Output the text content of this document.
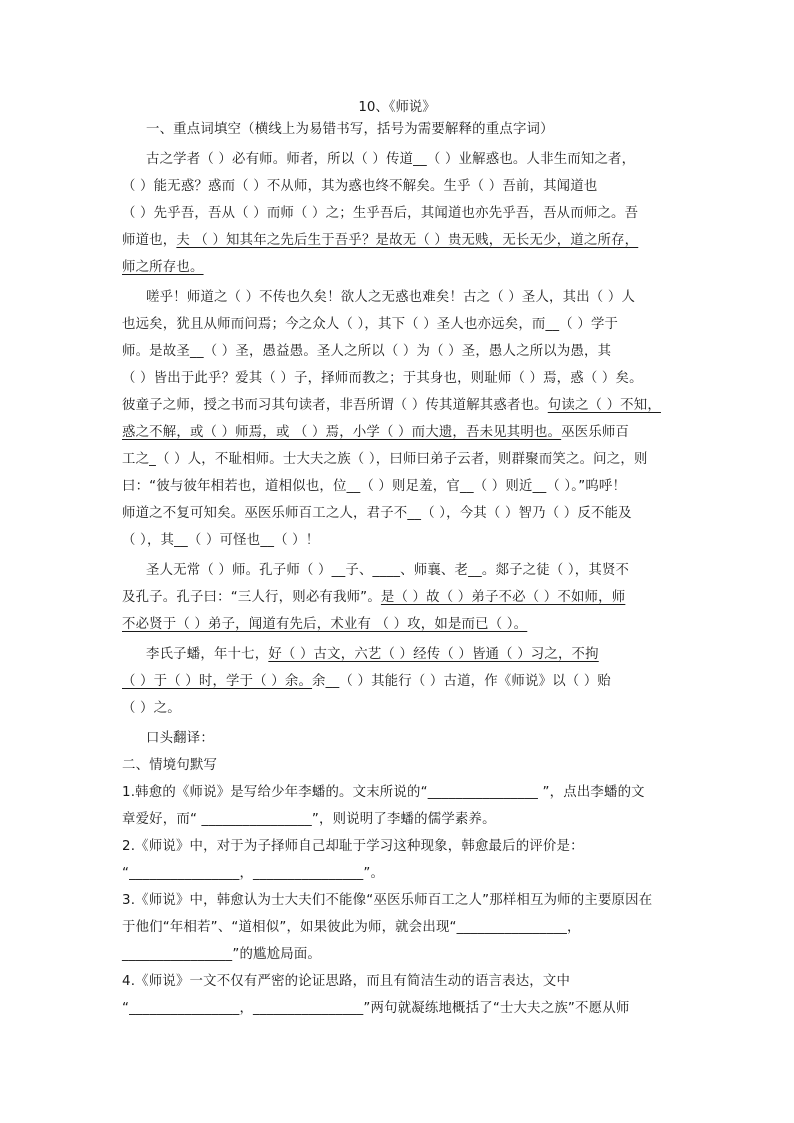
10、《师说》
一、重点词填空（横线上为易错书写，括号为需要解释的重点字词）
古之学者（ ）必有师。师者，所以（ ）传道__（ ）业解惑也。人非生而知之者，
（ ）能无惑？惑而（ ）不从师，其为惑也终不解矣。生乎（ ）吾前，其闻道也
（ ）先乎吾，吾从（ ）而师（ ）之；生乎吾后，其闻道也亦先乎吾，吾从而师之。吾
师道也，夫 （ ）知其年之先后生于吾乎？是故无（ ）贵无贱，无长无少，道之所存，
师之所存也。
嗟乎！师道之（ ）不传也久矣！欲人之无惑也难矣！古之（ ）圣人，其出（ ）人
也远矣，犹且从师而问焉；今之众人（ ），其下（ ）圣人也亦远矣，而__（ ）学于
师。是故圣__（ ）圣，愚益愚。圣人之所以（ ）为（ ）圣，愚人之所以为愚，其
（ ）皆出于此乎？爱其（ ）子，择师而教之；于其身也，则耻师（ ）焉，惑（ ）矣。
彼童子之师，授之书而习其句读者，非吾所谓（ ）传其道解其惑者也。句读之（ ）不知，
惑之不解，或（ ）师焉，或 （ ）焉，小学（ ）而大遗，吾未见其明也。巫医乐师百
工之_（ ）人，不耻相师。士大夫之族（ ），曰师曰弟子云者，则群聚而笑之。问之，则
曰：“彼与彼年相若也，道相似也，位__（ ）则足羞，官__（ ）则近__（ ）。”呜呼！
师道之不复可知矣。巫医乐师百工之人，君子不__（ ），今其（ ）智乃（ ）反不能及
（ ），其__（ ）可怪也__（ ）！
圣人无常（ ）师。孔子师（ ）__子、____、师襄、老__。郯子之徒（ ），其贤不
及孔子。孔子曰：“三人行，则必有我师”。是（ ）故（ ）弟子不必（ ）不如师，师
不必贤于（ ）弟子，闻道有先后，术业有 （ ）攻，如是而已（ ）。
李氏子蟠，年十七，好（ ）古文，六艺（ ）经传（ ）皆通（ ）习之，不拘
（ ）于（ ）时，学于（ ）余。余__（ ）其能行（ ）古道，作《师说》以（ ）贻
（ ）之。
口头翻译：
二、情境句默写
1.韩愈的《师说》是写给少年李蟠的。文末所说的“________________ ”，点出李蟠的文
章爱好，而“ ________________”，则说明了李蟠的儒学素养。
2.《师说》中，对于为子择师自己却耻于学习这种现象，韩愈最后的评价是：
“________________，________________”。
3.《师说》中，韩愈认为士大夫们不能像“巫医乐师百工之人”那样相互为师的主要原因在
于他们“年相若”、“道相似”，如果彼此为师，就会出现“________________，
________________”的尴尬局面。
4.《师说》一文不仅有严密的论证思路，而且有简洁生动的语言表达，文中
“________________，________________”两句就凝练地概括了“士大夫之族”不愿从师
